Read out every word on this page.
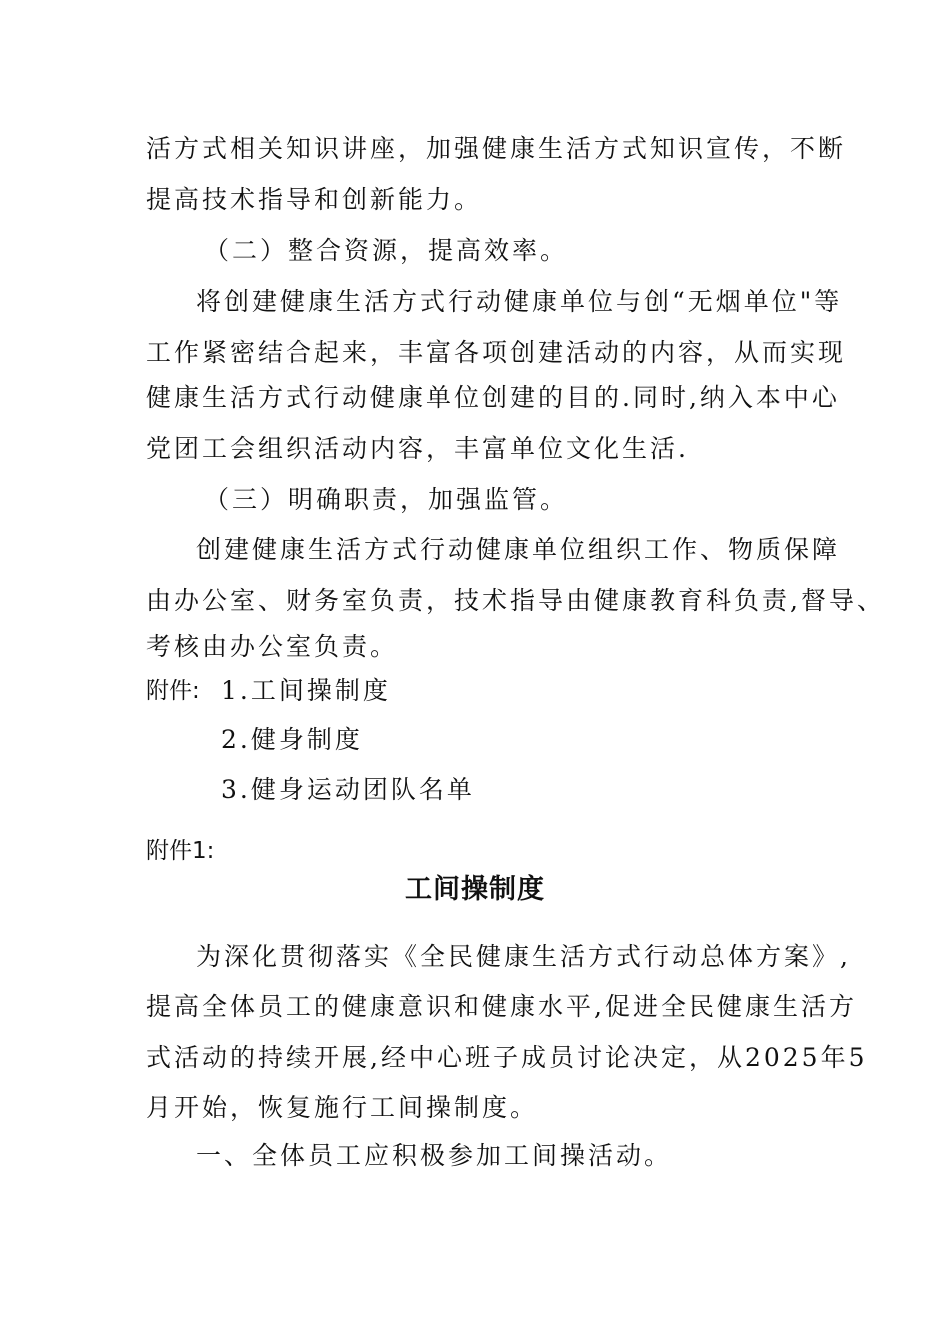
活方式相关知识讲座，加强健康生活方式知识宣传，不断
提高技术指导和创新能力。
（二）整合资源，提高效率。
将创建健康生活方式行动健康单位与创“无烟单位"等
工作紧密结合起来，丰富各项创建活动的内容，从而实现
健康生活方式行动健康单位创建的目的.同时,纳入本中心
党团工会组织活动内容，丰富单位文化生活.
（三）明确职责，加强监管。
创建健康生活方式行动健康单位组织工作、物质保障
由办公室、财务室负责，技术指导由健康教育科负责,督导、
考核由办公室负责。
附件: 1.工间操制度
2.健身制度
3.健身运动团队名单
附件1:
工间操制度
为深化贯彻落实《全民健康生活方式行动总体方案》,
提高全体员工的健康意识和健康水平,促进全民健康生活方
式活动的持续开展,经中心班子成员讨论决定，从2025年5
月开始，恢复施行工间操制度。
一、全体员工应积极参加工间操活动。
